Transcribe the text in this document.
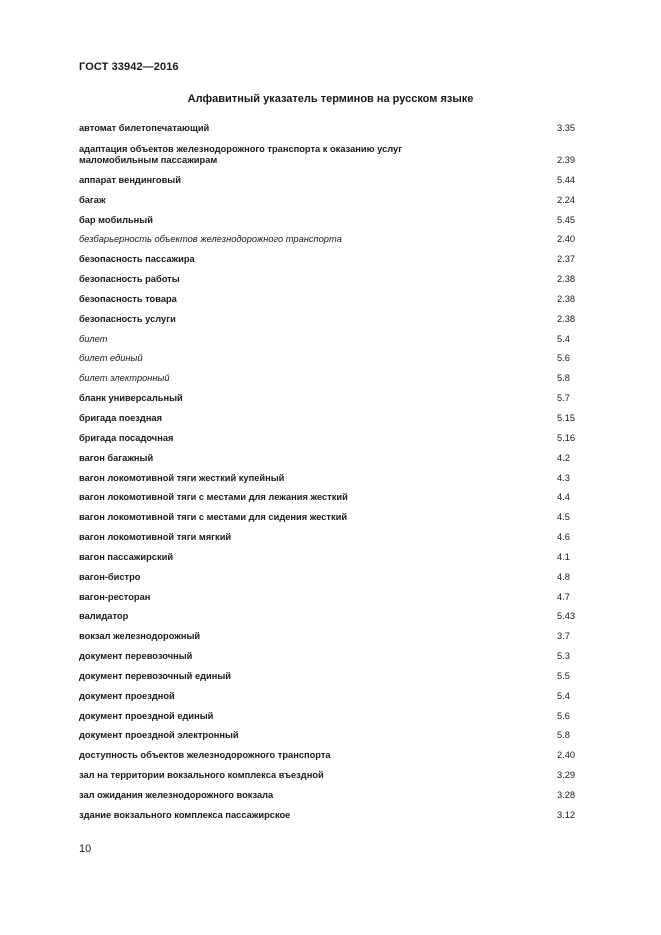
ГОСТ 33942—2016
Алфавитный указатель терминов на русском языке
автомат билетопечатающий	3.35
адаптация объектов железнодорожного транспорта к оказанию услуг
маломобильным пассажирам	2.39
аппарат вендинговый	5.44
багаж	2.24
бар мобильный	5.45
безбарьерность объектов железнодорожного транспорта	2.40
безопасность пассажира	2.37
безопасность работы	2.38
безопасность товара	2.38
безопасность услуги	2.38
билет	5.4
билет единый	5.6
билет электронный	5.8
бланк универсальный	5.7
бригада поездная	5.15
бригада посадочная	5.16
вагон багажный	4.2
вагон локомотивной тяги жесткий купейный	4.3
вагон локомотивной тяги с местами для лежания жесткий	4.4
вагон локомотивной тяги с местами для сидения жесткий	4.5
вагон локомотивной тяги мягкий	4.6
вагон пассажирский	4.1
вагон-бистро	4.8
вагон-ресторан	4.7
валидатор	5.43
вокзал железнодорожный	3.7
документ перевозочный	5.3
документ перевозочный единый	5.5
документ проездной	5.4
документ проездной единый	5.6
документ проездной электронный	5.8
доступность объектов железнодорожного транспорта	2.40
зал на территории вокзального комплекса въездной	3.29
зал ожидания железнодорожного вокзала	3.28
здание вокзального комплекса пассажирское	3.12
10
